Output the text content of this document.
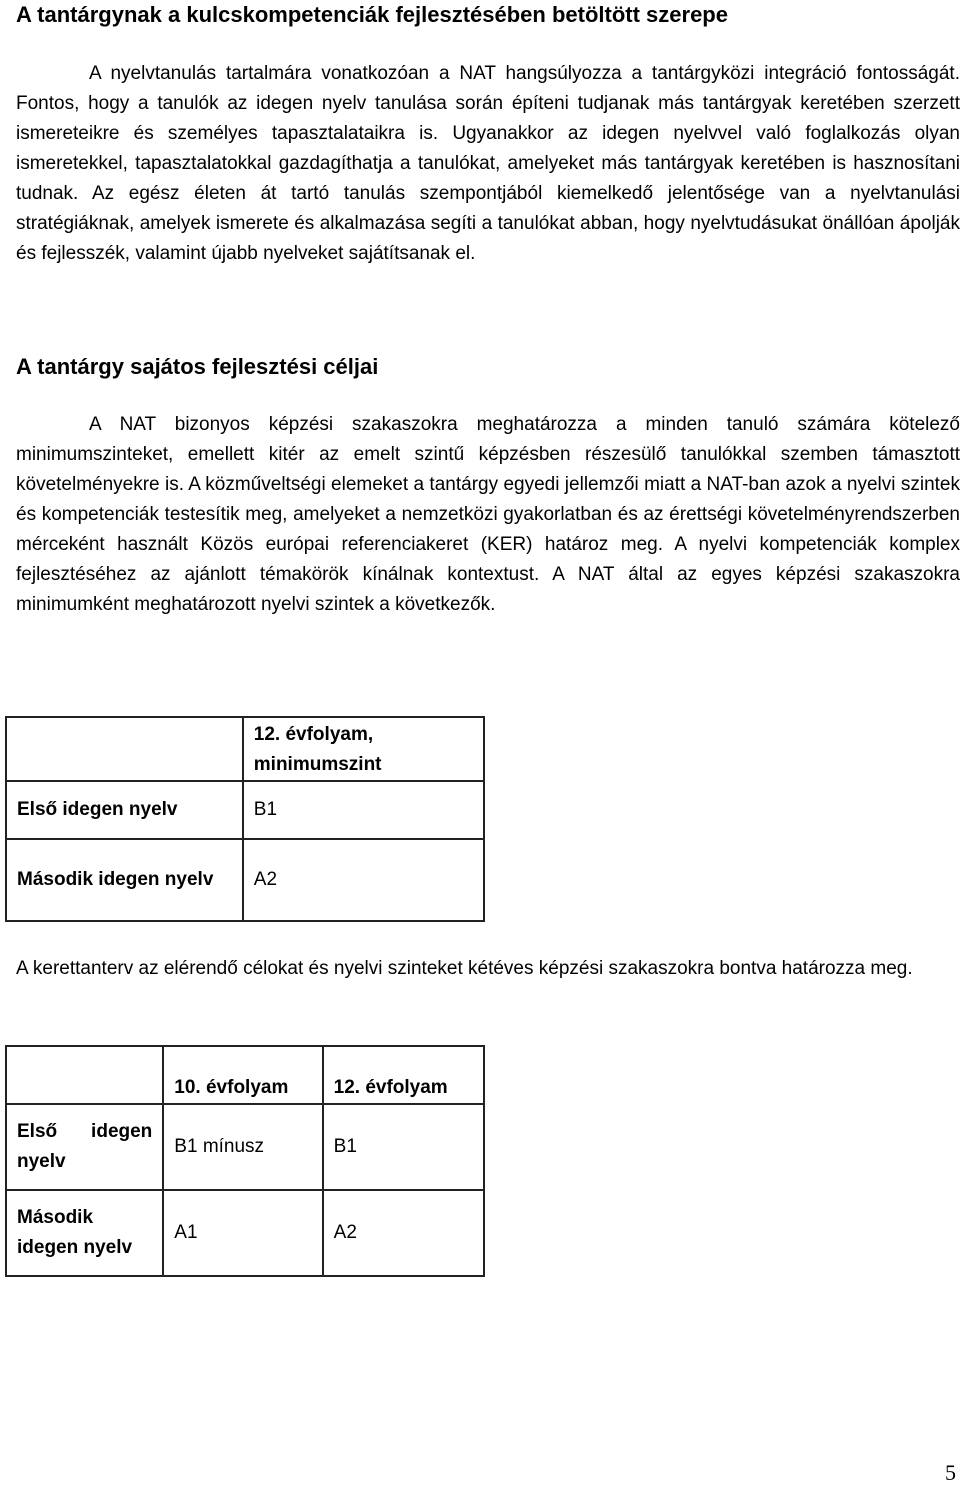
A tantárgynak a kulcskompetenciák fejlesztésében betöltött szerepe

A nyelvtanulás tartalmára vonatkozóan a NAT hangsúlyozza a tantárgyközi integráció fontosságát. Fontos, hogy a tanulók az idegen nyelv tanulása során építeni tudjanak más tantárgyak keretében szerzett ismereteikre és személyes tapasztalataikra is. Ugyanakkor az idegen nyelvvel való foglalkozás olyan ismeretekkel, tapasztalatokkal gazdagíthatja a tanulókat, amelyeket más tantárgyak keretében is hasznosítani tudnak. Az egész életen át tartó tanulás szempontjából kiemelkedő jelentősége van a nyelvtanulási stratégiáknak, amelyek ismerete és alkalmazása segíti a tanulókat abban, hogy nyelvtudásukat önállóan ápolják és fejlesszék, valamint újabb nyelveket sajátítsanak el.

A tantárgy sajátos fejlesztési céljai

A NAT bizonyos képzési szakaszokra meghatározza a minden tanuló számára kötelező minimumszinteket, emellett kitér az emelt szintű képzésben részesülő tanulókkal szemben támasztott követelményekre is. A közműveltségi elemeket a tantárgy egyedi jellemzői miatt a NAT-ban azok a nyelvi szintek és kompetenciák testesítik meg, amelyeket a nemzetközi gyakorlatban és az érettségi követelményrendszerben mérceként használt Közös európai referenciakeret (KER) határoz meg. A nyelvi kompetenciák komplex fejlesztéséhez az ajánlott témakörök kínálnak kontextust. A NAT által az egyes képzési szakaszokra minimumként meghatározott nyelvi szintek a következők.

	12. évfolyam, minimumszint
Első idegen nyelv	B1
Második idegen nyelv	A2

A kerettanterv az elérendő célokat és nyelvi szinteket kétéves képzési szakaszokra bontva határozza meg.

	10. évfolyam	12. évfolyam
Első idegen nyelv	B1 mínusz	B1
Második idegen nyelv	A1	A2
5
